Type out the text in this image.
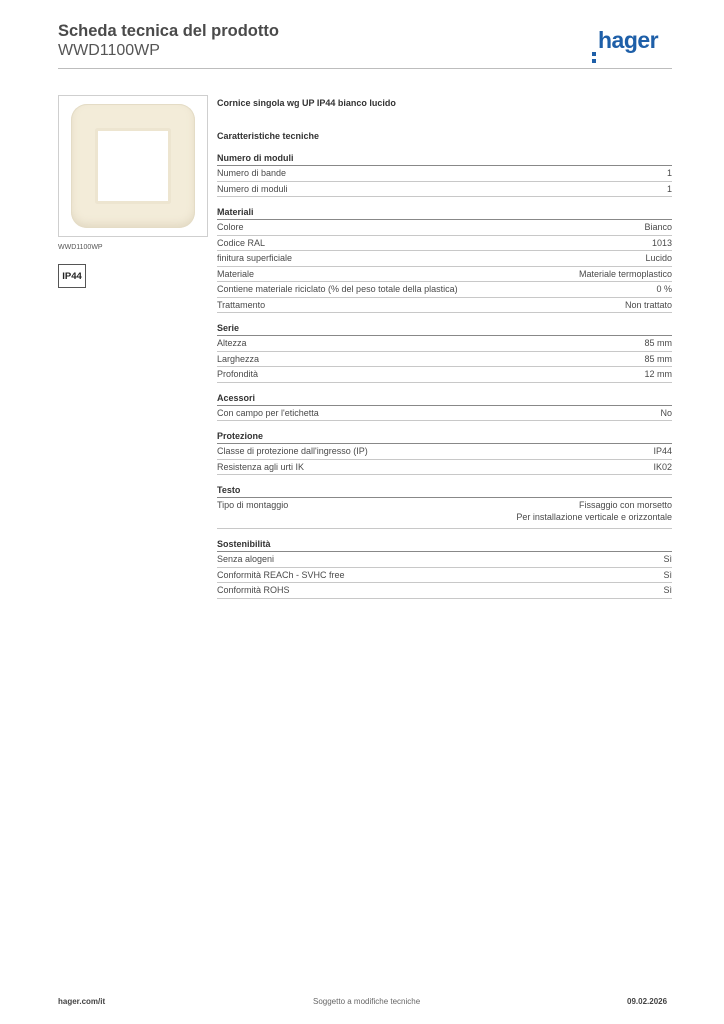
Scheda tecnica del prodotto
WWD1100WP	hager
WWD1100WP
IP44
Cornice singola wg UP IP44 bianco lucido
Caratteristiche tecniche
Numero di moduli
Numero di bande	1
Numero di moduli	1
Materiali
Colore	Bianco
Codice RAL	1013
finitura superficiale	Lucido
Materiale	Materiale termoplastico
Contiene materiale riciclato (% del peso totale della plastica)	0 %
Trattamento	Non trattato
Serie
Altezza	85 mm
Larghezza	85 mm
Profondità	12 mm
Acessori
Con campo per l'etichetta	No
Protezione
Classe di protezione dall'ingresso (IP)	IP44
Resistenza agli urti IK	IK02
Testo
Tipo di montaggio	Fissaggio con morsetto
Per installazione verticale e orizzontale
Sostenibilità
Senza alogeni	Sì
Conformità REACh - SVHC free	Sì
Conformità ROHS	Sì
hager.com/it	Soggetto a modifiche tecniche	09.02.2026
